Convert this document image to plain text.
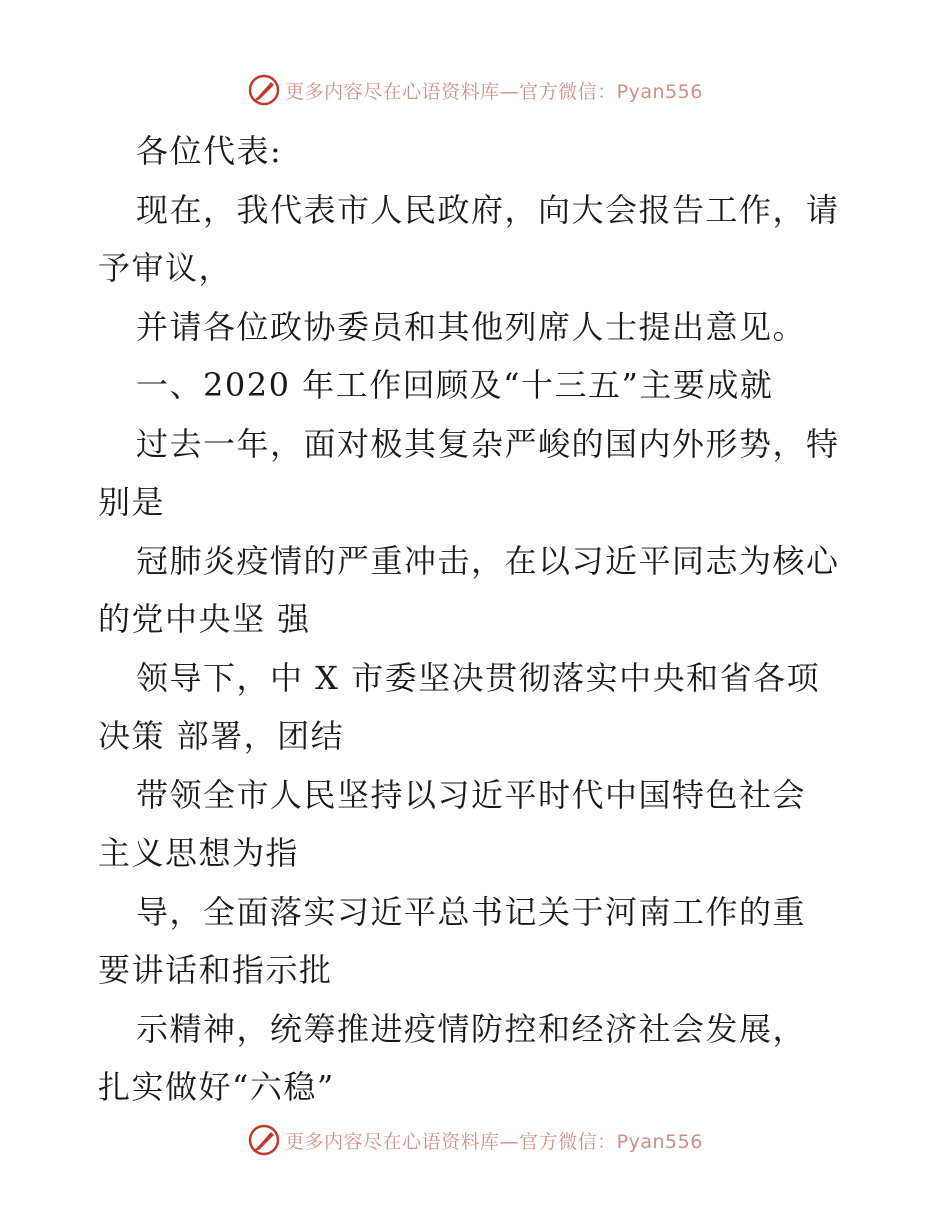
更多内容尽在心语资料库—官方微信：Pyan556
各位代表:
现在，我代表市人民政府，向大会报告工作，请
予审议，
并请各位政协委员和其他列席人士提出意见。
一、2020 年工作回顾及“十三五”主要成就
过去一年，面对极其复杂严峻的国内外形势，特
别是
冠肺炎疫情的严重冲击，在以习近平同志为核心
的党中央坚 强
领导下，中 X 市委坚决贯彻落实中央和省各项
决策 部署，团结
带领全市人民坚持以习近平时代中国特色社会
主义思想为指
导，全面落实习近平总书记关于河南工作的重
要讲话和指示批
示精神，统筹推进疫情防控和经济社会发展，
扎实做好“六稳”
更多内容尽在心语资料库—官方微信：Pyan556
